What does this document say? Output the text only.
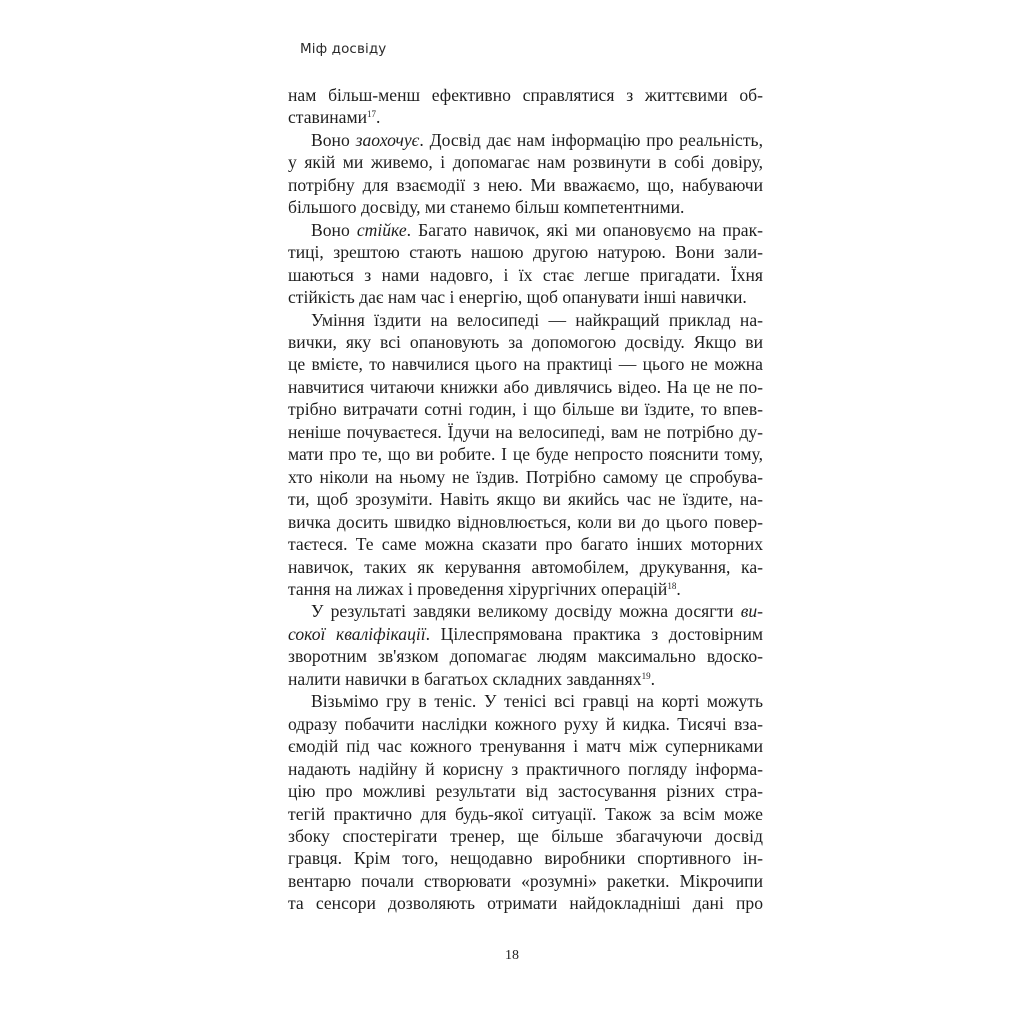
Міф досвіду

нам більш-менш ефективно справлятися з життєвими об-
ставинами$^{17}$.

Воно заохочує. Досвід дає нам інформацію про реальність,
у якій ми живемо, і допомагає нам розвинути в собі довіру,
потрібну для взаємодії з нею. Ми вважаємо, що, набуваючи
більшого досвіду, ми станемо більш компетентними.

Воно стійке. Багато навичок, які ми опановуємо на прак-
тиці, зрештою стають нашою другою натурою. Вони зали-
шаються з нами надовго, і їх стає легше пригадати. Їхня
стійкість дає нам час і енергію, щоб опанувати інші навички.

Уміння їздити на велосипеді — найкращий приклад на-
вички, яку всі опановують за допомогою досвіду. Якщо ви
це вмієте, то навчилися цього на практиці — цього не можна
навчитися читаючи книжки або дивлячись відео. На це не по-
трібно витрачати сотні годин, і що більше ви їздите, то впев-
неніше почуваєтеся. Їдучи на велосипеді, вам не потрібно ду-
мати про те, що ви робите. І це буде непросто пояснити тому,
хто ніколи на ньому не їздив. Потрібно самому це спробува-
ти, щоб зрозуміти. Навіть якщо ви якийсь час не їздите, на-
вичка досить швидко відновлюється, коли ви до цього повер-
таєтеся. Те саме можна сказати про багато інших моторних
навичок, таких як керування автомобілем, друкування, ка-
тання на лижах і проведення хірургічних операцій$^{18}$.

У результаті завдяки великому досвіду можна досягти ви-
сокої кваліфікації. Цілеспрямована практика з достовірним
зворотним зв'язком допомагає людям максимально вдоско-
налити навички в багатьох складних завданнях$^{19}$.

Візьмімо гру в теніс. У тенісі всі гравці на корті можуть
одразу побачити наслідки кожного руху й кидка. Тисячі вза-
ємодій під час кожного тренування і матч між суперниками
надають надійну й корисну з практичного погляду інформа-
цію про можливі результати від застосування різних стра-
тегій практично для будь-якої ситуації. Також за всім може
збоку спостерігати тренер, ще більше збагачуючи досвід
гравця. Крім того, нещодавно виробники спортивного ін-
вентарю почали створювати «розумні» ракетки. Мікрочипи
та сенсори дозволяють отримати найдокладніші дані про

18
